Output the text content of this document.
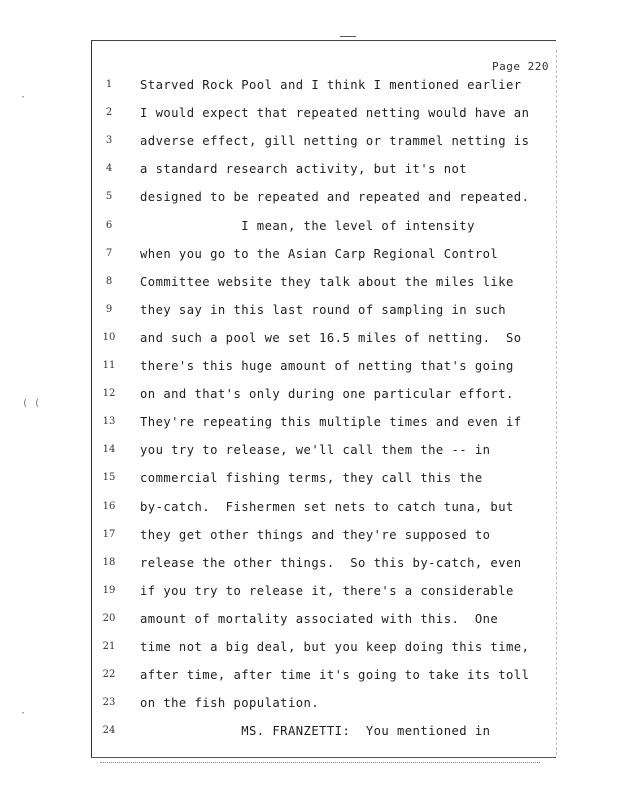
·
( (
·
Page 220
1	Starved Rock Pool and I think I mentioned earlier
2	I would expect that repeated netting would have an
3	adverse effect, gill netting or trammel netting is
4	a standard research activity, but it's not
5	designed to be repeated and repeated and repeated.
6	I mean, the level of intensity
7	when you go to the Asian Carp Regional Control
8	Committee website they talk about the miles like
9	they say in this last round of sampling in such
10	and such a pool we set 16.5 miles of netting.  So
11	there's this huge amount of netting that's going
12	on and that's only during one particular effort.
13	They're repeating this multiple times and even if
14	you try to release, we'll call them the -- in
15	commercial fishing terms, they call this the
16	by-catch.  Fishermen set nets to catch tuna, but
17	they get other things and they're supposed to
18	release the other things.  So this by-catch, even
19	if you try to release it, there's a considerable
20	amount of mortality associated with this.  One
21	time not a big deal, but you keep doing this time,
22	after time, after time it's going to take its toll
23	on the fish population.
24	MS. FRANZETTI:  You mentioned in
